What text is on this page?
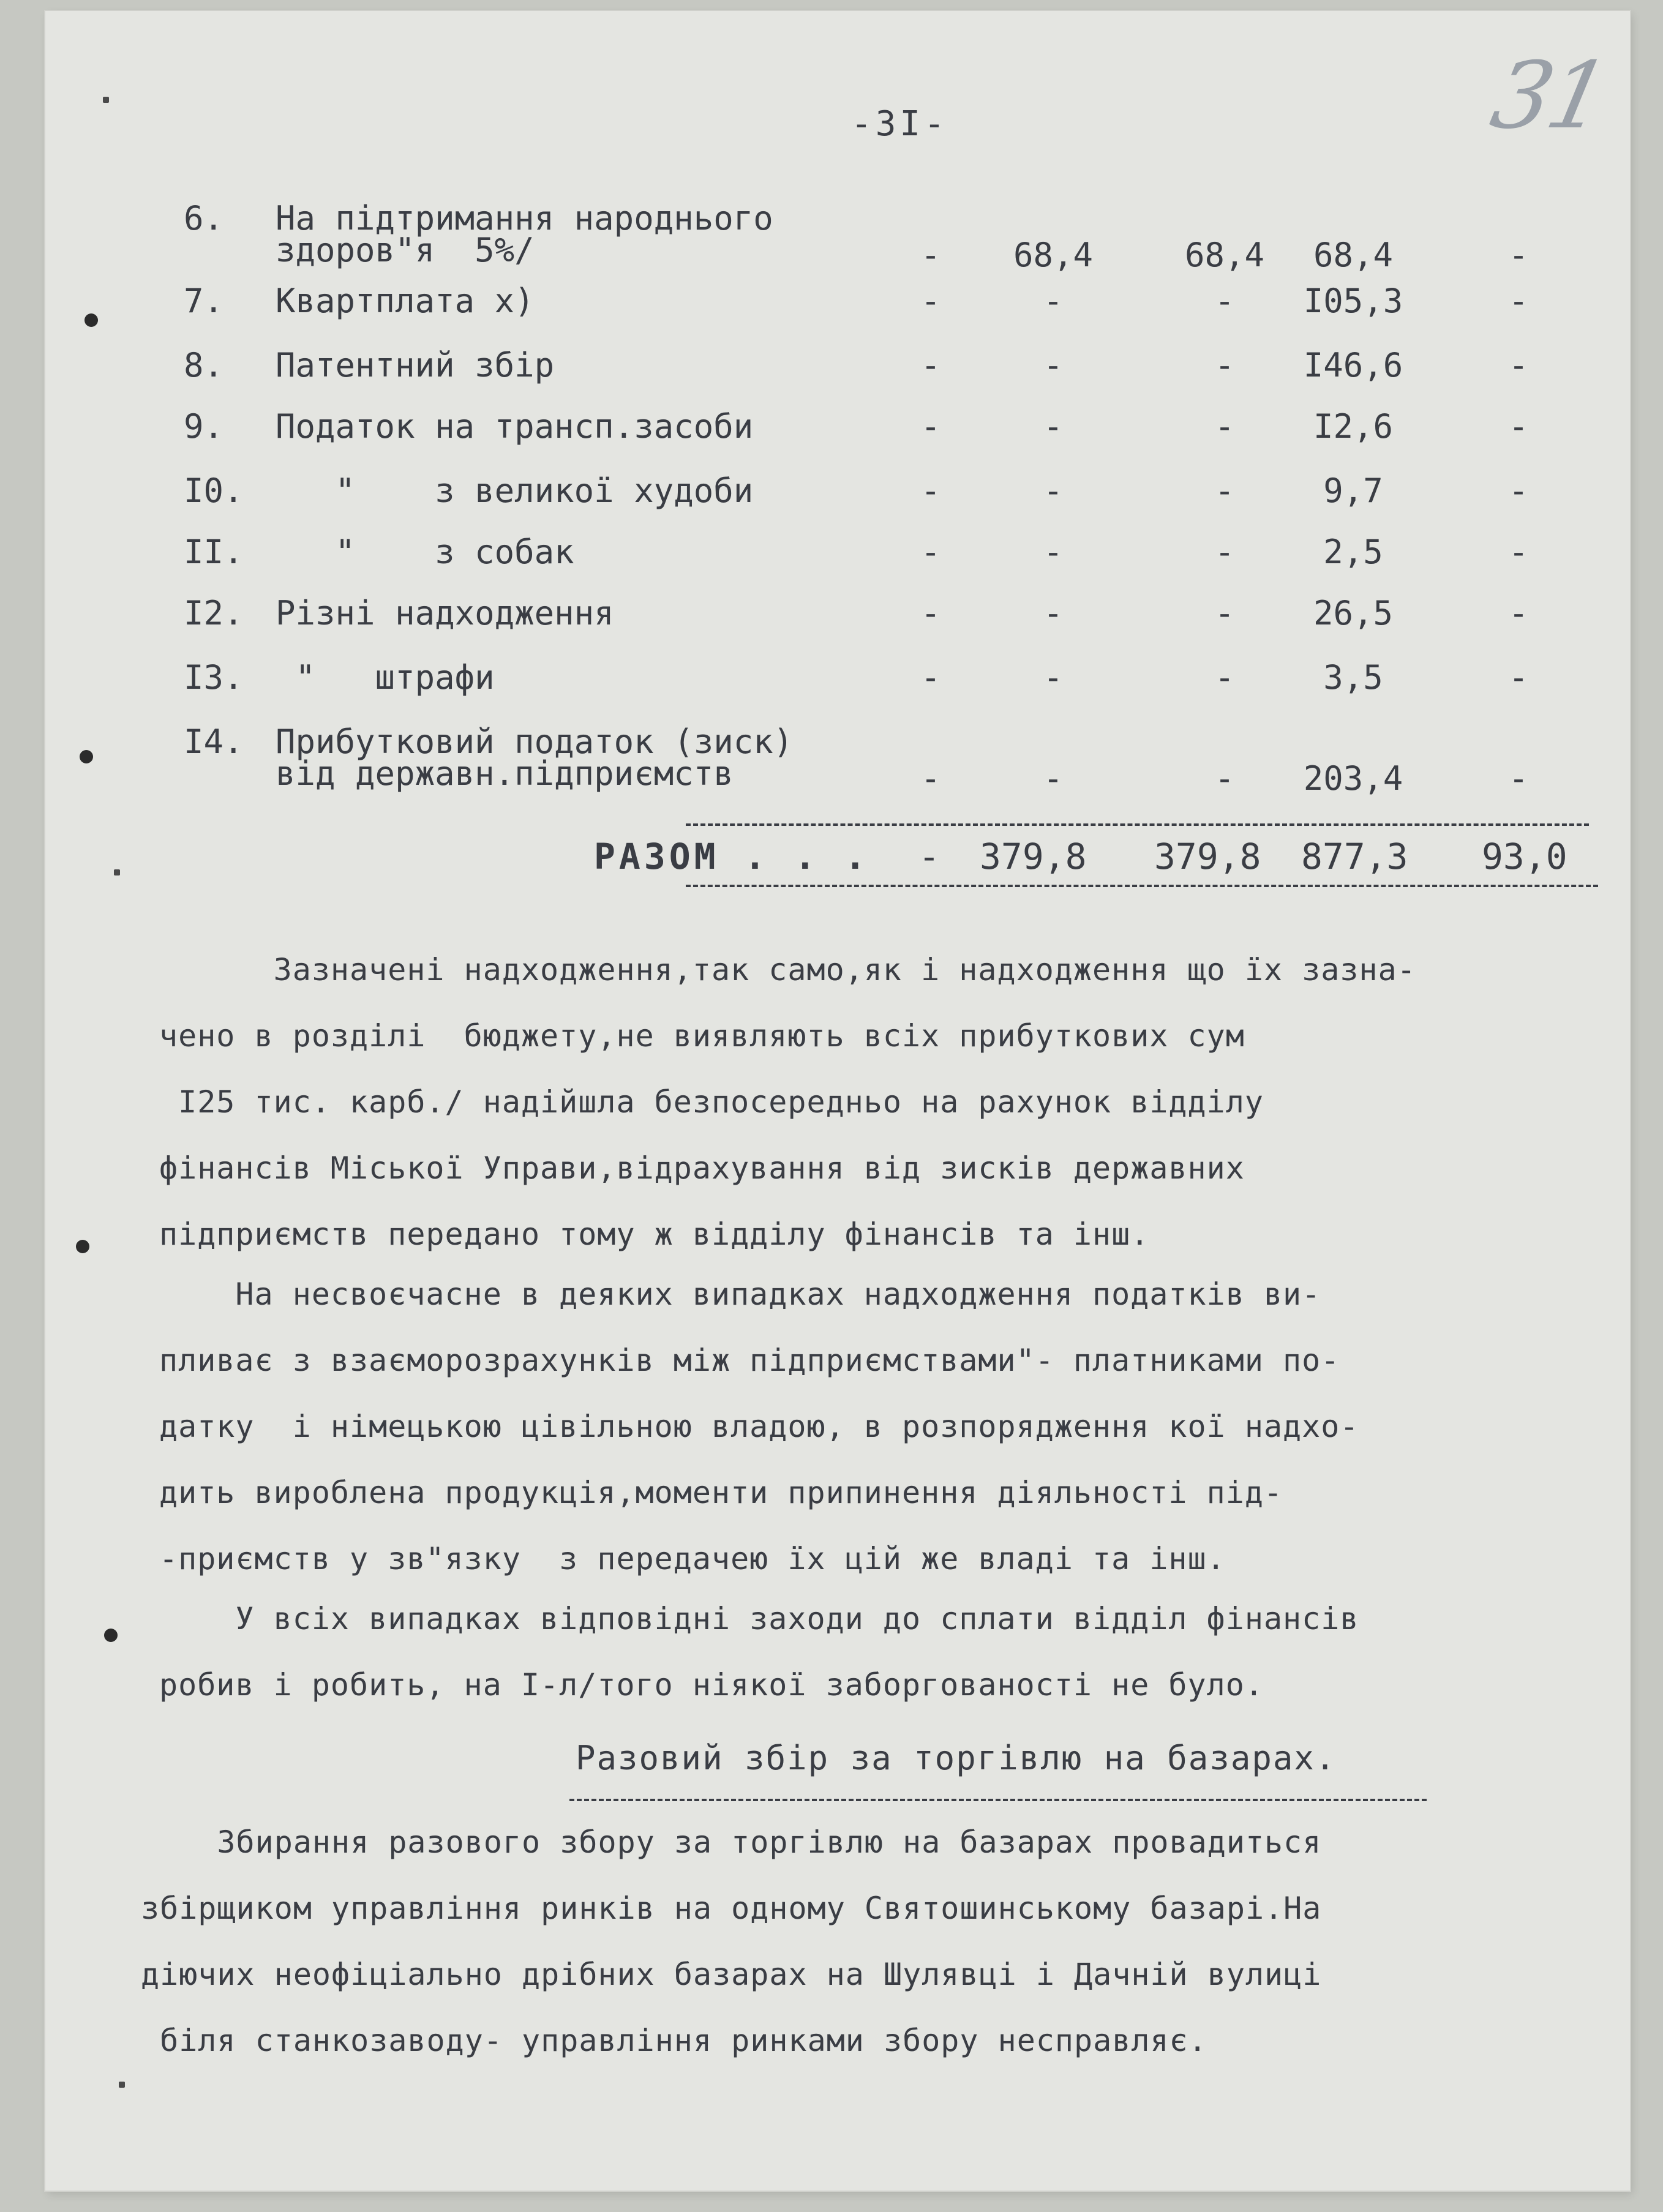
31
-3I-
6. На підтримання народнього
здоров"я  5%/	-	68,4	68,4	68,4	-
7. Квартплата x)	-	-	-	I05,3	-
8. Патентний збір	-	-	-	I46,6	-
9. Податок на трансп.засоби	-	-	-	I2,6	-
I0. "    з великої худоби	-	-	-	9,7	-
II. "    з собак	-	-	-	2,5	-
I2. Різні надходження	-	-	-	26,5	-
I3. "   штрафи	-	-	-	3,5	-
I4. Прибутковий податок (зиск)
від державн.підприємств	-	-	-	203,4	-
РАЗОМ . . . - 379,8 379,8 877,3 93,0
Зазначені надходження,так само,як і надходження що їх зазна-
чено в розділі  бюджету,не виявляють всіх прибуткових сум
I25 тис. карб./ надійшла безпосередньо на рахунок відділу
фінансів Міської Управи,відрахування від зисків державних
підприємств передано тому ж відділу фінансів та інш.
На несвоєчасне в деяких випадках надходження податків ви-
пливає з взаєморозрахунків між підприємствами"- платниками по-
датку  і німецькою цівільною владою, в розпорядження кої надхо-
дить вироблена продукція,моменти припинення діяльності під-
-приємств у зв"язку  з передачею їх цій же владі та інш.
У всіх випадках відповідні заходи до сплати відділ фінансів
робив і робить, на I-л/того ніякої заборгованості не було.
Разовий збір за торгівлю на базарах.
Збирання разового збору за торгівлю на базарах провадиться
збірщиком управління ринків на одному Святошинському базарі.На
діючих неофіціально дрібних базарах на Шулявці і Дачній вулиці
біля станкозаводу- управління ринками збору несправляє.
